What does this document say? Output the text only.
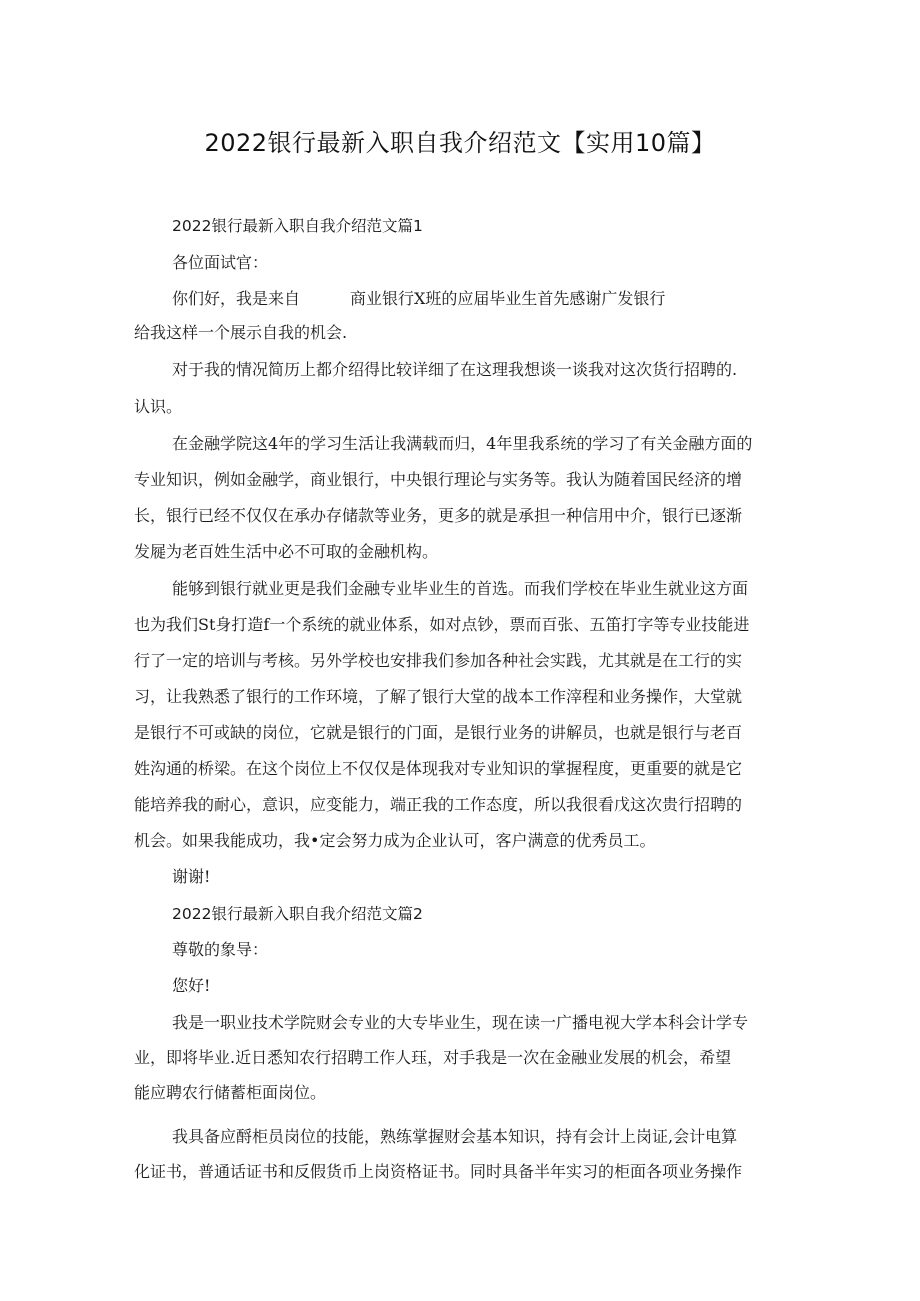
2022银行最新入职自我介绍范文【实用10篇】

2022银行最新入职自我介绍范文篇1

各位面试官：

你们好，我是来自	商业银行X班的应届毕业生首先感谢广发银行

给我这样一个展示自我的机会.

对于我的情况简历上都介绍得比较详细了在这理我想谈一谈我对这次货行招聘的.

认识。

在金融学院这4年的学习生活让我满载而归，4年里我系统的学习了有关金融方面的

专业知识，例如金融学，商业银行，中央银行理论与实务等。我认为随着国民经济的增

长，银行已经不仅仅在承办存储款等业务，更多的就是承担一种信用中介，银行已逐渐

发屣为老百姓生活中必不可取的金融机构。

能够到银行就业更是我们金融专业毕业生的首选。而我们学校在毕业生就业这方面

也为我们St身打造f一个系统的就业体系，如对点钞，票而百张、五笛打字等专业技能进

行了一定的培训与考核。另外学校也安排我们参加各种社会实践，尤其就是在工行的实

习，让我熟悉了银行的工作环境，了解了银行大堂的战本工作滓程和业务操作，大堂就

是银行不可或缺的岗位，它就是银行的门面，是银行业务的讲解员，也就是银行与老百

姓沟通的桥梁。在这个岗位上不仅仅是体现我对专业知识的掌握程度，更重要的就是它

能培养我的耐心，意识，应变能力，端正我的工作态度，所以我很看戊这次贵行招聘的

机会。如果我能成功，我•定会努力成为企业认可，客户满意的优秀员工。

谢谢!

2022银行最新入职自我介绍范文篇2

尊敬的象导：

您好!

我是一职业技术学院财会专业的大专毕业生，现在读一广播电视大学本科会计学专

业，即将毕业.近日悉知农行招聘工作人珏，对手我是一次在金融业发展的机会，希望

能应聘农行储蓄柜面岗位。

我具备应酹柜员岗位的技能，熟练掌握财会基本知识，持有会计上岗证,会计电算

化证书，普通话证书和反假货币上岗资格证书。同时具备半年实习的柜面各项业务操作
